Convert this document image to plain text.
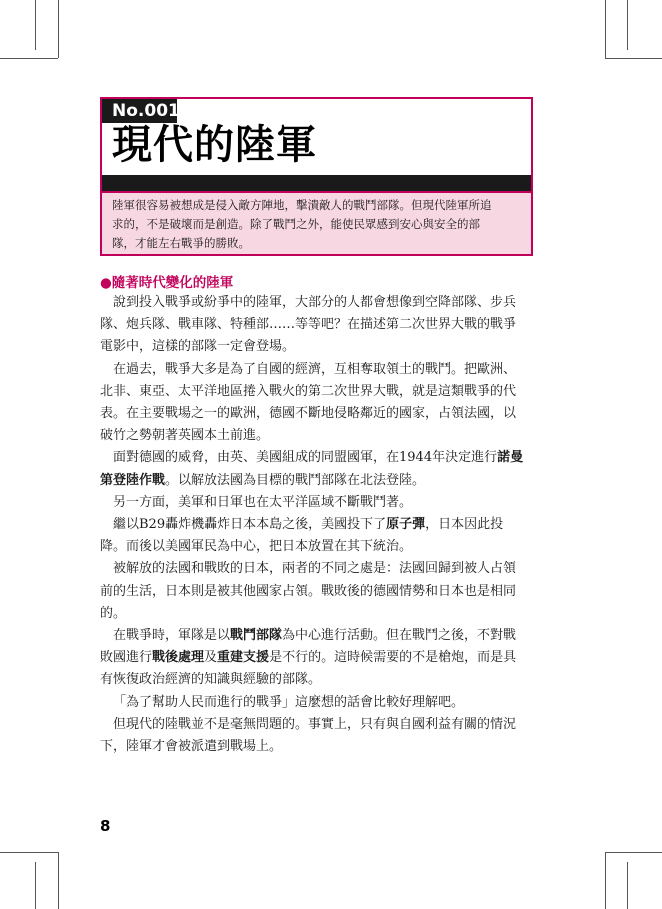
No.001
現代的陸軍
陸軍很容易被想成是侵入敵方陣地，擊潰敵人的戰鬥部隊。但現代陸軍所追
求的，不是破壞而是創造。除了戰鬥之外，能使民眾感到安心與安全的部
隊，才能左右戰爭的勝敗。
●隨著時代變化的陸軍
說到投入戰爭或紛爭中的陸軍，大部分的人都會想像到空降部隊、步兵
隊、炮兵隊、戰車隊、特種部……等等吧？在描述第二次世界大戰的戰爭
電影中，這樣的部隊一定會登場。
在過去，戰爭大多是為了自國的經濟，互相奪取領土的戰鬥。把歐洲、
北非、東亞、太平洋地區捲入戰火的第二次世界大戰，就是這類戰爭的代
表。在主要戰場之一的歐洲，德國不斷地侵略鄰近的國家，占領法國，以
破竹之勢朝著英國本土前進。
面對德國的威脅，由英、美國組成的同盟國軍，在1944年決定進行諾曼
第登陸作戰。以解放法國為目標的戰鬥部隊在北法登陸。
另一方面，美軍和日軍也在太平洋區域不斷戰鬥著。
繼以B29轟炸機轟炸日本本島之後，美國投下了原子彈，日本因此投
降。而後以美國軍民為中心，把日本放置在其下統治。
被解放的法國和戰敗的日本，兩者的不同之處是：法國回歸到被人占領
前的生活，日本則是被其他國家占領。戰敗後的德國情勢和日本也是相同
的。
在戰爭時，軍隊是以戰鬥部隊為中心進行活動。但在戰鬥之後，不對戰
敗國進行戰後處理及重建支援是不行的。這時候需要的不是槍炮，而是具
有恢復政治經濟的知識與經驗的部隊。
「為了幫助人民而進行的戰爭」這麼想的話會比較好理解吧。
但現代的陸戰並不是毫無問題的。事實上，只有與自國利益有關的情況
下，陸軍才會被派遣到戰場上。
8
